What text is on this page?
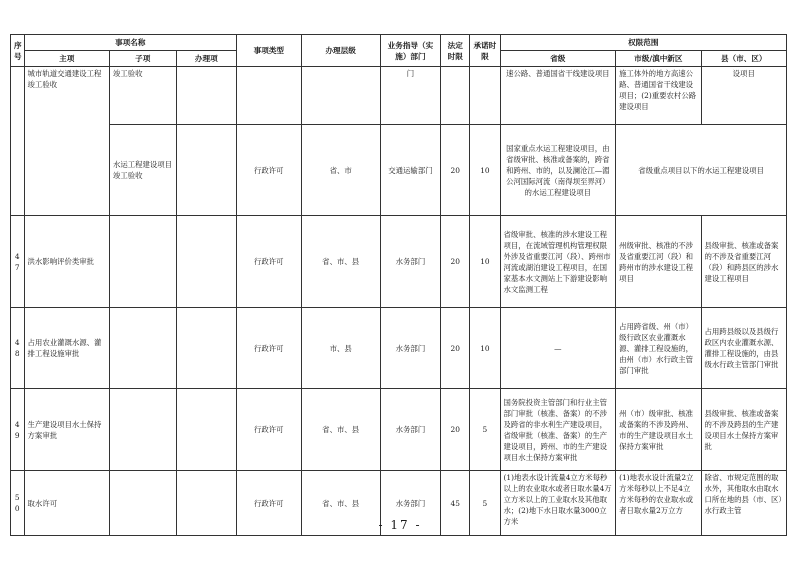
序号	事项名称			事项类型	办理层级	业务指导（实施）部门	法定时限	承诺时限	权限范围		
	主项	子项	办理项						省级	市级/滇中新区	县（市、区）
	城市轨道交通建设工程竣工验收	竣工验收				门			速公路、普通国省干线建设项目	施工体外的地方高速公路、普通国省干线建设项目；(2)重要农村公路建设项目	设项目
		水运工程建设项目竣工验收		行政许可	省、市	交通运输部门	20	10	国家重点水运工程建设项目，由省级审批、核准或备案的，跨省和跨州、市的，以及澜沧江—湄公河国际河流（南得坝至界河）的水运工程建设项目	省级重点项目以下的水运工程建设项目	
47	洪水影响评价类审批			行政许可	省、市、县	水务部门	20	10	省级审批、核准的涉水建设工程项目，在流域管理机构管理权限外涉及省重要江河（段）、跨州市河流或湖泊建设工程项目，在国家基本水文测站上下游建设影响水文监测工程	州级审批、核准的不涉及省重要江河（段）和跨州市的涉水建设工程项目	县级审批、核准或备案的不涉及省重要江河（段）和跨县区的涉水建设工程项目
48	占用农业灌溉水源、灌排工程设施审批			行政许可	市、县	水务部门	20	10	—	占用跨省级、州（市）级行政区农业灌溉水源、灌排工程设施的，由州（市）水行政主管部门审批	占用跨县级以及县级行政区内农业灌溉水源、灌排工程设施的，由县级水行政主管部门审批
49	生产建设项目水土保持方案审批			行政许可	省、市、县	水务部门	20	5	国务院投资主管部门和行业主管部门审批（核准、备案）的不涉及跨省的非水利生产建设项目，省级审批（核准、备案）的生产建设项目，跨州、市的生产建设项目水土保持方案审批	州（市）级审批、核准或备案的不涉及跨州、市的生产建设项目水土保持方案审批	县级审批、核准或备案的不涉及跨县的生产建设项目水土保持方案审批
50	取水许可			行政许可	省、市、县	水务部门	45	5	(1)地表水设计流量4立方米每秒以上的农业取水或者日取水量4万立方米以上的工业取水及其他取水；(2)地下水日取水量3000立方米	(1)地表水设计流量2立方米每秒以上不足4立方米每秒的农业取水或者日取水量2万立方	除省、市规定范围的取水外，其他取水由取水口所在地的县（市、区）水行政主管
- 17 -
